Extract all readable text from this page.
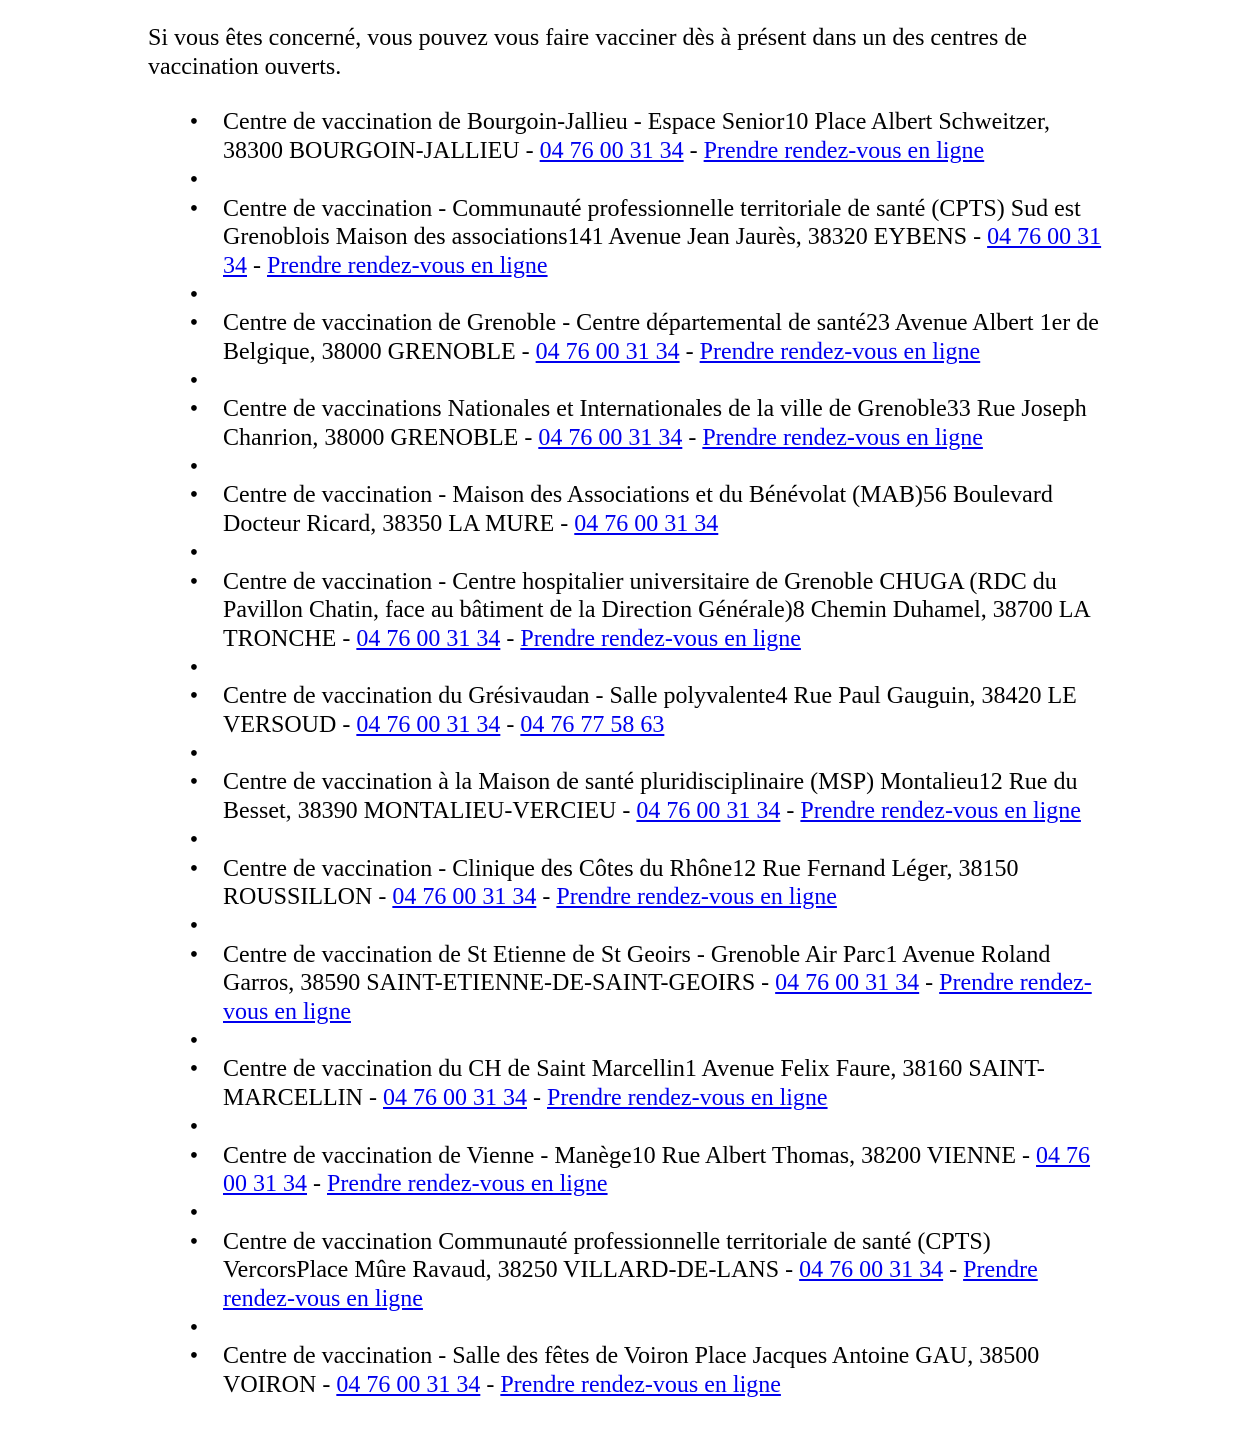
Si vous êtes concerné, vous pouvez vous faire vacciner dès à présent dans un des centres de vaccination ouverts.

• Centre de vaccination de Bourgoin-Jallieu - Espace Senior10 Place Albert Schweitzer, 38300 BOURGOIN-JALLIEU - 04 76 00 31 34 - Prendre rendez-vous en ligne
•
• Centre de vaccination - Communauté professionnelle territoriale de santé (CPTS) Sud est Grenoblois Maison des associations141 Avenue Jean Jaurès, 38320 EYBENS - 04 76 00 31 34 - Prendre rendez-vous en ligne
•
• Centre de vaccination de Grenoble - Centre départemental de santé23 Avenue Albert 1er de Belgique, 38000 GRENOBLE - 04 76 00 31 34 - Prendre rendez-vous en ligne
•
• Centre de vaccinations Nationales et Internationales de la ville de Grenoble33 Rue Joseph Chanrion, 38000 GRENOBLE - 04 76 00 31 34 - Prendre rendez-vous en ligne
•
• Centre de vaccination - Maison des Associations et du Bénévolat (MAB)56 Boulevard Docteur Ricard, 38350 LA MURE - 04 76 00 31 34
•
• Centre de vaccination - Centre hospitalier universitaire de Grenoble CHUGA (RDC du Pavillon Chatin, face au bâtiment de la Direction Générale)8 Chemin Duhamel, 38700 LA TRONCHE - 04 76 00 31 34 - Prendre rendez-vous en ligne
•
• Centre de vaccination du Grésivaudan - Salle polyvalente4 Rue Paul Gauguin, 38420 LE VERSOUD - 04 76 00 31 34 - 04 76 77 58 63
•
• Centre de vaccination à la Maison de santé pluridisciplinaire (MSP) Montalieu12 Rue du Besset, 38390 MONTALIEU-VERCIEU - 04 76 00 31 34 - Prendre rendez-vous en ligne
•
• Centre de vaccination - Clinique des Côtes du Rhône12 Rue Fernand Léger, 38150 ROUSSILLON - 04 76 00 31 34 - Prendre rendez-vous en ligne
•
• Centre de vaccination de St Etienne de St Geoirs - Grenoble Air Parc1 Avenue Roland Garros, 38590 SAINT-ETIENNE-DE-SAINT-GEOIRS - 04 76 00 31 34 - Prendre rendez-vous en ligne
•
• Centre de vaccination du CH de Saint Marcellin1 Avenue Felix Faure, 38160 SAINT-MARCELLIN - 04 76 00 31 34 - Prendre rendez-vous en ligne
•
• Centre de vaccination de Vienne - Manège10 Rue Albert Thomas, 38200 VIENNE - 04 76 00 31 34 - Prendre rendez-vous en ligne
•
• Centre de vaccination Communauté professionnelle territoriale de santé (CPTS) VercorsPlace Mûre Ravaud, 38250 VILLARD-DE-LANS - 04 76 00 31 34 - Prendre rendez-vous en ligne
•
• Centre de vaccination - Salle des fêtes de Voiron Place Jacques Antoine GAU, 38500 VOIRON - 04 76 00 31 34 - Prendre rendez-vous en ligne
